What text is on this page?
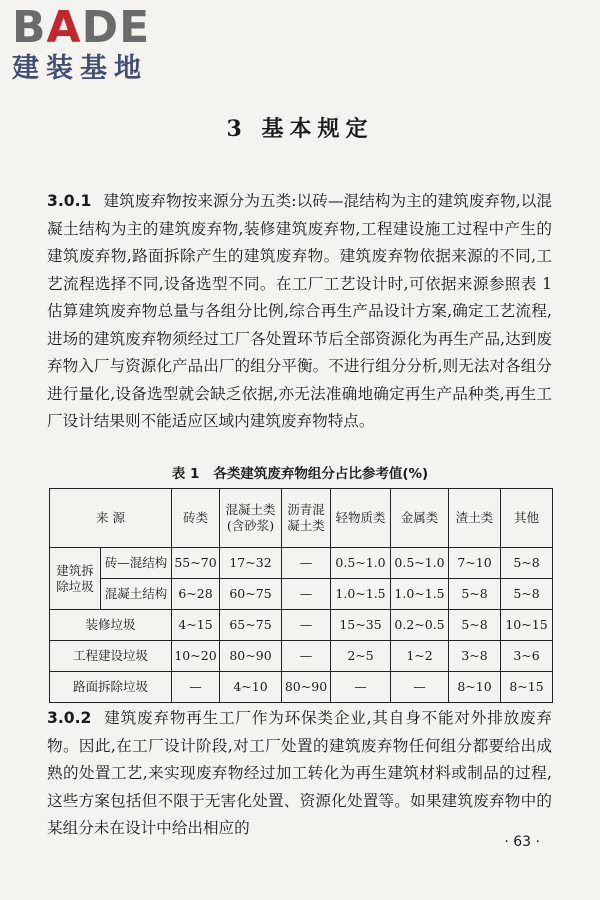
BADE
建装基地
3 基本规定

3.0.1 建筑废弃物按来源分为五类:以砖—混结构为主的建筑废弃物,以混凝土结构为主的建筑废弃物,装修建筑废弃物,工程建设施工过程中产生的建筑废弃物,路面拆除产生的建筑废弃物。建筑废弃物依据来源的不同,工艺流程选择不同,设备选型不同。在工厂工艺设计时,可依据来源参照表 1 估算建筑废弃物总量与各组分比例,综合再生产品设计方案,确定工艺流程,进场的建筑废弃物须经过工厂各处置环节后全部资源化为再生产品,达到废弃物入厂与资源化产品出厂的组分平衡。不进行组分分析,则无法对各组分进行量化,设备选型就会缺乏依据,亦无法准确地确定再生产品种类,再生工厂设计结果则不能适应区域内建筑废弃物特点。

表 1 各类建筑废弃物组分占比参考值(%)
来 源		砖类	混凝土类(含砂浆)	沥青混凝土类	轻物质类	金属类	渣土类	其他
建筑拆除垃圾	砖—混结构	55~70	17~32	—	0.5~1.0	0.5~1.0	7~10	5~8
	混凝土结构	6~28	60~75	—	1.0~1.5	1.0~1.5	5~8	5~8
装修垃圾		4~15	65~75	—	15~35	0.2~0.5	5~8	10~15
工程建设垃圾		10~20	80~90	—	2~5	1~2	3~8	3~6
路面拆除垃圾		—	4~10	80~90	—	—	8~10	8~15

3.0.2 建筑废弃物再生工厂作为环保类企业,其自身不能对外排放废弃物。因此,在工厂设计阶段,对工厂处置的建筑废弃物任何组分都要给出成熟的处置工艺,来实现废弃物经过加工转化为再生建筑材料或制品的过程,这些方案包括但不限于无害化处置、资源化处置等。如果建筑废弃物中的某组分未在设计中给出相应的

· 63 ·
